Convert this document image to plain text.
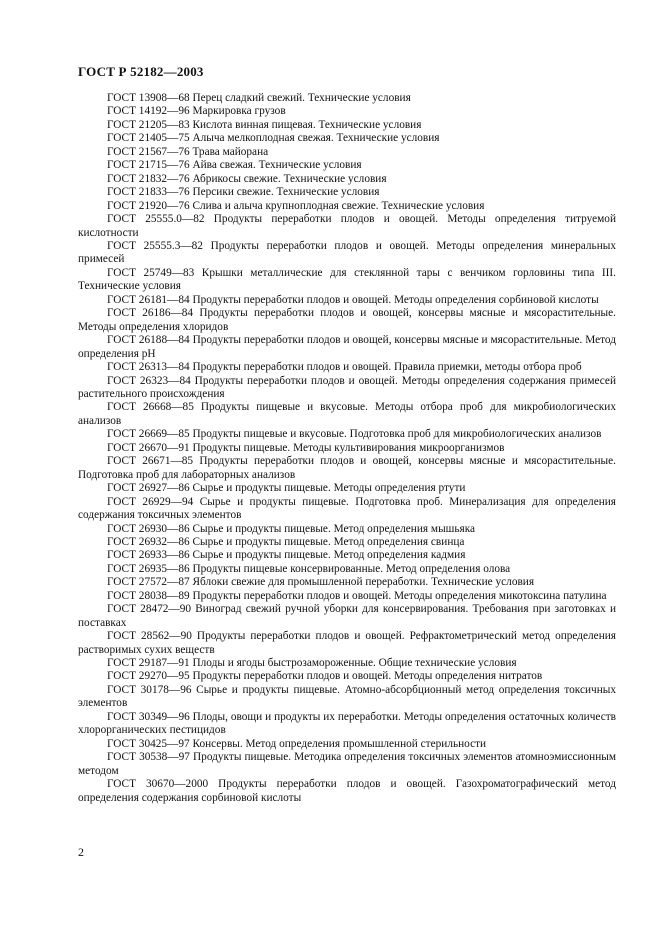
ГОСТ Р 52182—2003

ГОСТ 13908—68 Перец сладкий свежий. Технические условия

ГОСТ 14192—96 Маркировка грузов

ГОСТ 21205—83 Кислота винная пищевая. Технические условия

ГОСТ 21405—75 Алыча мелкоплодная свежая. Технические условия

ГОСТ 21567—76 Трава майорана

ГОСТ 21715—76 Айва свежая. Технические условия

ГОСТ 21832—76 Абрикосы свежие. Технические условия

ГОСТ 21833—76 Персики свежие. Технические условия

ГОСТ 21920—76 Слива и алыча крупноплодная свежие. Технические условия

ГОСТ 25555.0—82 Продукты переработки плодов и овощей. Методы определения титруемой кислотности

ГОСТ 25555.3—82 Продукты переработки плодов и овощей. Методы определения минеральных примесей

ГОСТ 25749—83 Крышки металлические для стеклянной тары с венчиком горловины типа III. Технические условия

ГОСТ 26181—84 Продукты переработки плодов и овощей. Методы определения сорбиновой кислоты

ГОСТ 26186—84 Продукты переработки плодов и овощей, консервы мясные и мясорастительные. Методы определения хлоридов

ГОСТ 26188—84 Продукты переработки плодов и овощей, консервы мясные и мясорастительные. Метод определения pH

ГОСТ 26313—84 Продукты переработки плодов и овощей. Правила приемки, методы отбора проб

ГОСТ 26323—84 Продукты переработки плодов и овощей. Методы определения содержания примесей растительного происхождения

ГОСТ 26668—85 Продукты пищевые и вкусовые. Методы отбора проб для микробиологических анализов

ГОСТ 26669—85 Продукты пищевые и вкусовые. Подготовка проб для микробиологических анализов

ГОСТ 26670—91 Продукты пищевые. Методы культивирования микроорганизмов

ГОСТ 26671—85 Продукты переработки плодов и овощей, консервы мясные и мясорастительные. Подготовка проб для лабораторных анализов

ГОСТ 26927—86 Сырье и продукты пищевые. Методы определения ртути

ГОСТ 26929—94 Сырье и продукты пищевые. Подготовка проб. Минерализация для определения содержания токсичных элементов

ГОСТ 26930—86 Сырье и продукты пищевые. Метод определения мышьяка

ГОСТ 26932—86 Сырье и продукты пищевые. Метод определения свинца

ГОСТ 26933—86 Сырье и продукты пищевые. Метод определения кадмия

ГОСТ 26935—86 Продукты пищевые консервированные. Метод определения олова

ГОСТ 27572—87 Яблоки свежие для промышленной переработки. Технические условия

ГОСТ 28038—89 Продукты переработки плодов и овощей. Методы определения микотоксина патулина

ГОСТ 28472—90 Виноград свежий ручной уборки для консервирования. Требования при заготовках и поставках

ГОСТ 28562—90 Продукты переработки плодов и овощей. Рефрактометрический метод определения растворимых сухих веществ

ГОСТ 29187—91 Плоды и ягоды быстрозамороженные. Общие технические условия

ГОСТ 29270—95 Продукты переработки плодов и овощей. Методы определения нитратов

ГОСТ 30178—96 Сырье и продукты пищевые. Атомно-абсорбционный метод определения токсичных элементов

ГОСТ 30349—96 Плоды, овощи и продукты их переработки. Методы определения остаточных количеств хлорорганических пестицидов

ГОСТ 30425—97 Консервы. Метод определения промышленной стерильности

ГОСТ 30538—97 Продукты пищевые. Методика определения токсичных элементов атомноэмиссионным методом

ГОСТ 30670—2000 Продукты переработки плодов и овощей. Газохроматографический метод определения содержания сорбиновой кислоты

2
